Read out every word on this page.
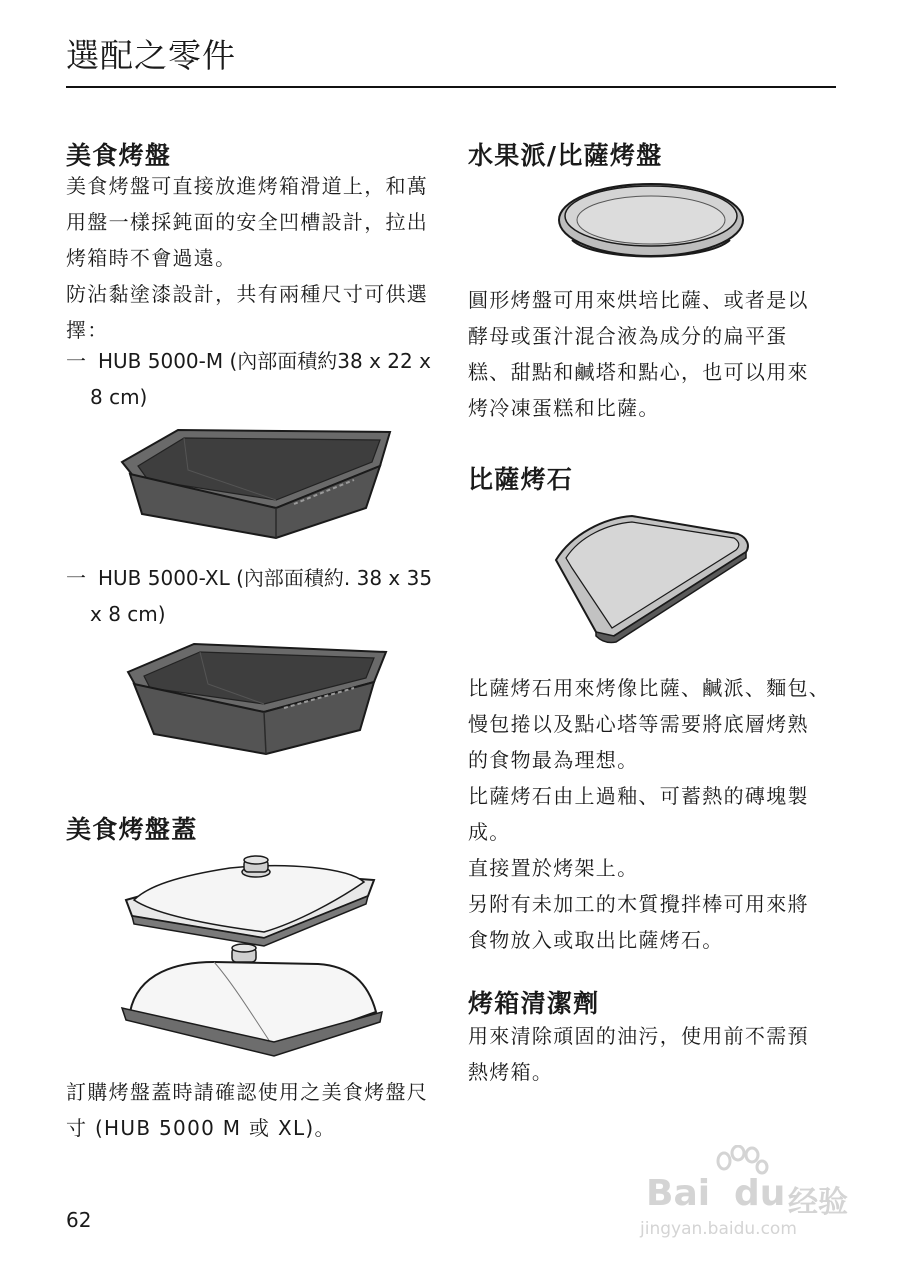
選配之零件
美食烤盤
美食烤盤可直接放進烤箱滑道上，和萬
用盤一樣採鈍面的安全凹槽設計，拉出
烤箱時不會過遠。
防沾黏塗漆設計，共有兩種尺寸可供選
擇：
一 HUB 5000-M (內部面積約38 x 22 x
8 cm)
一 HUB 5000-XL (內部面積約. 38 x 35
x 8 cm)
美食烤盤蓋
訂購烤盤蓋時請確認使用之美食烤盤尺
寸 (HUB 5000 M 或 XL)。
水果派/比薩烤盤
圓形烤盤可用來烘培比薩、或者是以
酵母或蛋汁混合液為成分的扁平蛋
糕、甜點和鹹塔和點心，也可以用來
烤冷凍蛋糕和比薩。
比薩烤石
比薩烤石用來烤像比薩、鹹派、麵包、
慢包捲以及點心塔等需要將底層烤熟
的食物最為理想。
比薩烤石由上過釉、可蓄熱的磚塊製
成。
直接置於烤架上。
另附有未加工的木質攪拌棒可用來將
食物放入或取出比薩烤石。
烤箱清潔劑
用來清除頑固的油污，使用前不需預
熱烤箱。
62
Bai du 经验
jingyan.baidu.com
